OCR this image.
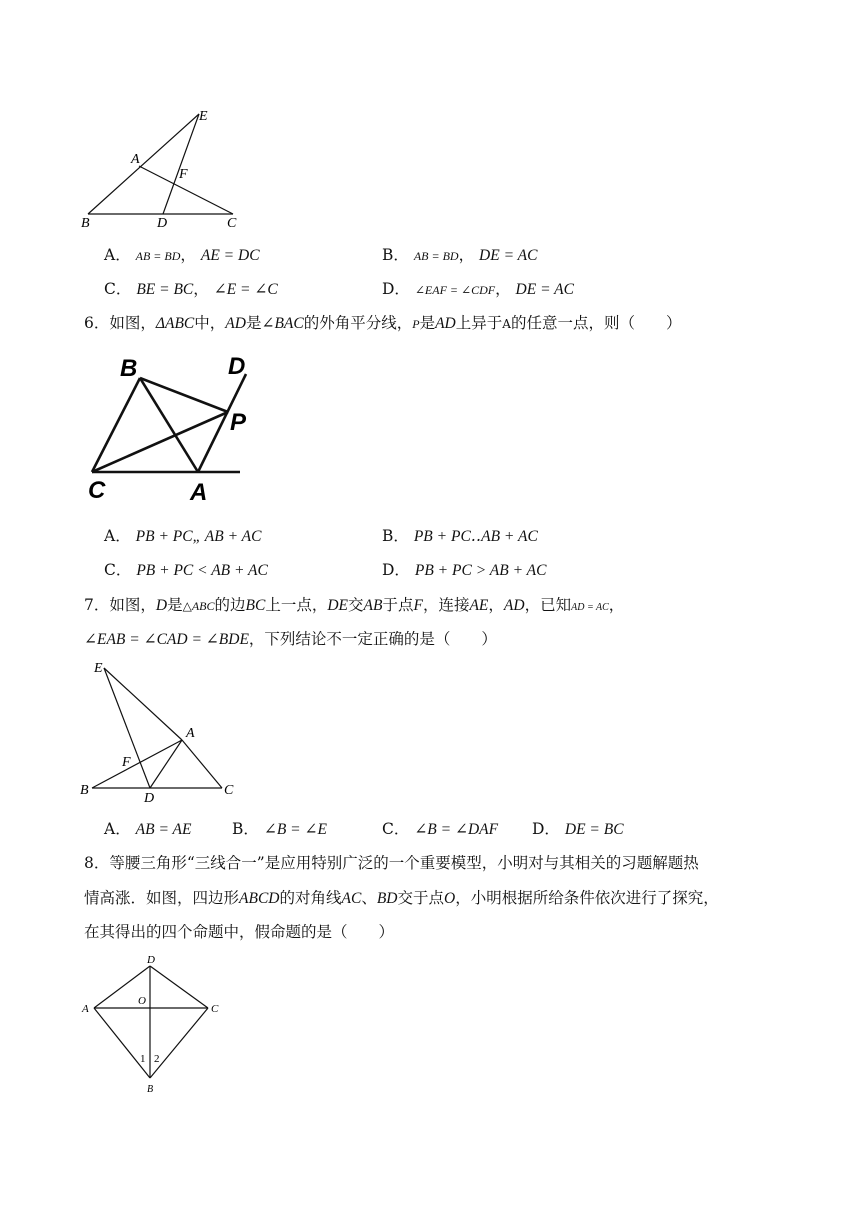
E
A
F
B	D	C
A． AB = BD， AE = DC	B． AB = BD， DE = AC
C． BE = BC， ∠E = ∠C	D． ∠EAF = ∠CDF， DE = AC
6．如图，ΔABC中，AD是∠BAC的外角平分线，P是AD上异于A的任意一点，则（　　）
B	D
P
C	A
A． PB + PC„ AB + AC	B． PB + PC‥AB + AC
C． PB + PC < AB + AC	D． PB + PC > AB + AC
7．如图，D是△ABC的边BC上一点，DE交AB于点F，连接AE，AD，已知AD = AC，
∠EAB = ∠CAD = ∠BDE，下列结论不一定正确的是（　　）
E
A
F
B
D
C
A． AB = AE	B． ∠B = ∠E	C． ∠B = ∠DAF D． DE = BC
8．等腰三角形“三线合一”是应用特别广泛的一个重要模型，小明对与其相关的习题解题热
情高涨．如图，四边形ABCD的对角线AC、BD交于点O，小明根据所给条件依次进行了探究，
在其得出的四个命题中，假命题的是（　　）
D
A
O
C
1 2
B
